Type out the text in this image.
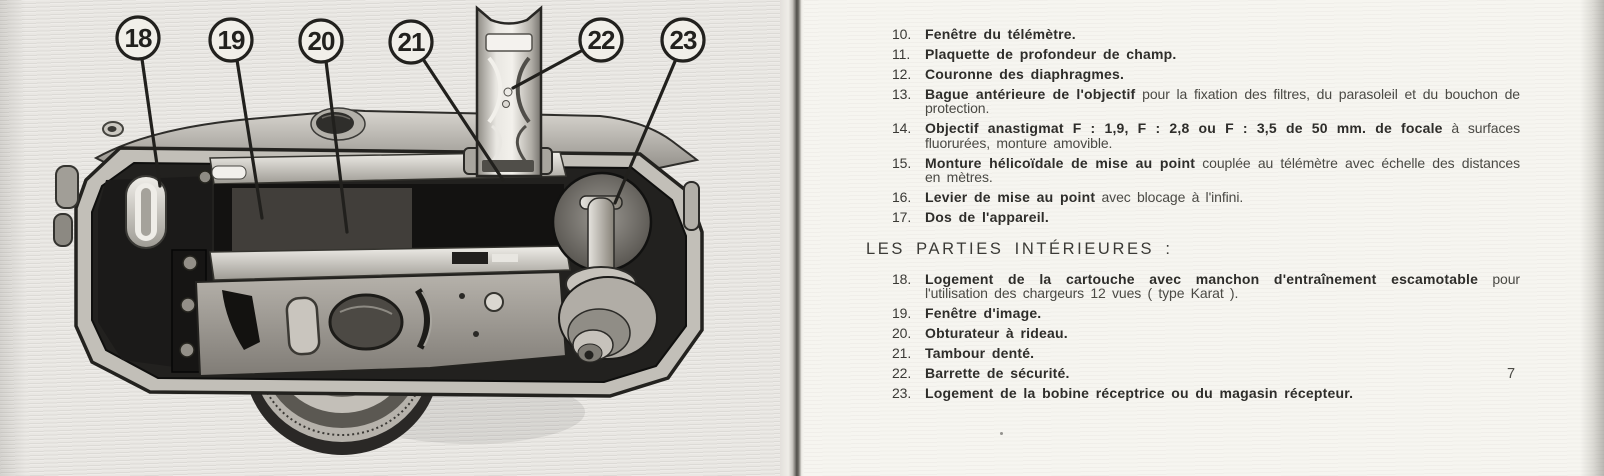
18	19 20 21	22 23	10. Fenêtre du télémètre.
11.	Plaquette de profondeur de champ.
12. Couronne des diaphragmes.
13. Bague antérieure de l'objectif pour la fixation des filtres, du parasoleil et du bouchon de protection.
14. Objectif anastigmat F : 1,9, F : 2,8 ou F : 3,5 de 50 mm. de focale à surfaces fluorurées, monture amovible.
15. Monture hélicoïdale de mise au point couplée au télémètre avec échelle des distances en mètres.
16. Levier de mise au point avec blocage à l'infini.
17. Dos de l'appareil.
LES PARTIES INTÉRIEURES :
18. Logement de la cartouche avec manchon d'entraînement escamotable pour l'utilisation des chargeurs 12 vues ( type Karat ).
19. Fenêtre d'image.
20. Obturateur à rideau.
21. Tambour denté.
22. Barrette de sécurité.
23. Logement de la bobine réceptrice ou du magasin récepteur.
7
